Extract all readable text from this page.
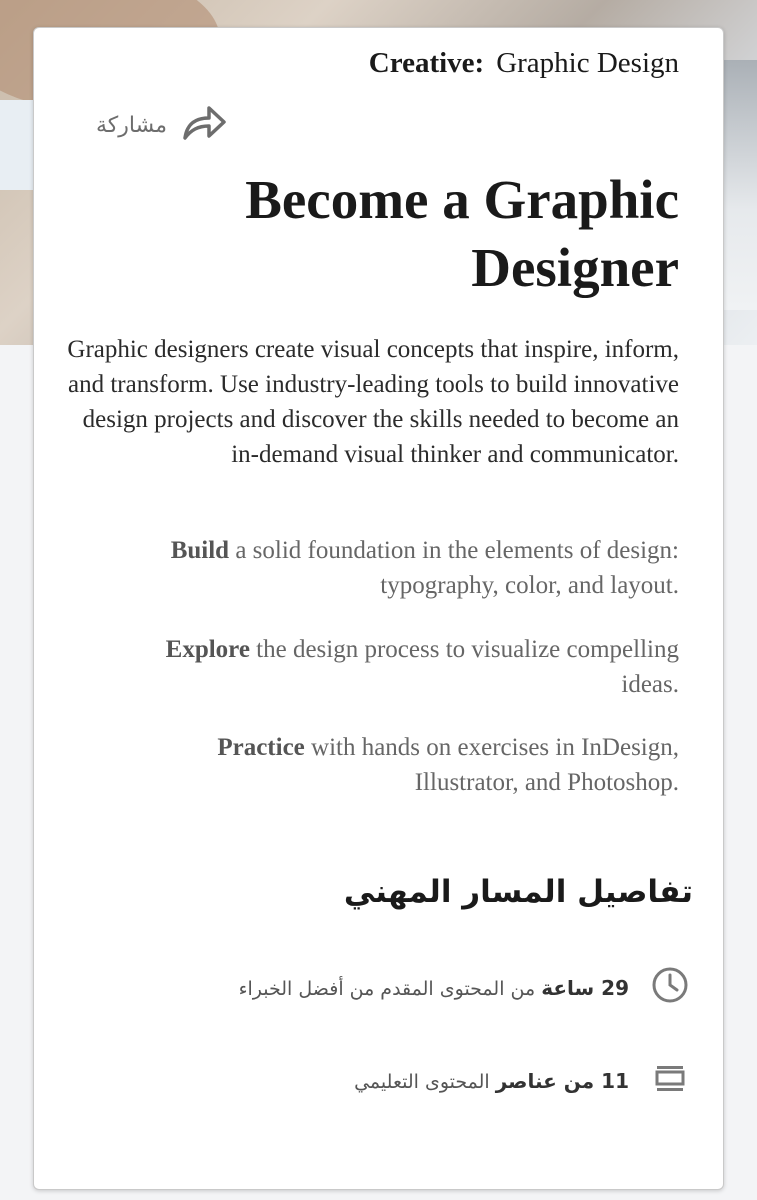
Creative: Graphic Design
مشاركة
Become a Graphic Designer

Graphic designers create visual concepts that inspire, inform, and transform. Use industry-leading tools to build innovative design projects and discover the skills needed to become an in-demand visual thinker and communicator.

Build a solid foundation in the elements of design: typography, color, and layout.

Explore the design process to visualize compelling ideas.

Practice with hands on exercises in InDesign, Illustrator, and Photoshop.

تفاصيل المسار المهني
29 ساعة من المحتوى المقدم من أفضل الخبراء
11 من عناصر المحتوى التعليمي
